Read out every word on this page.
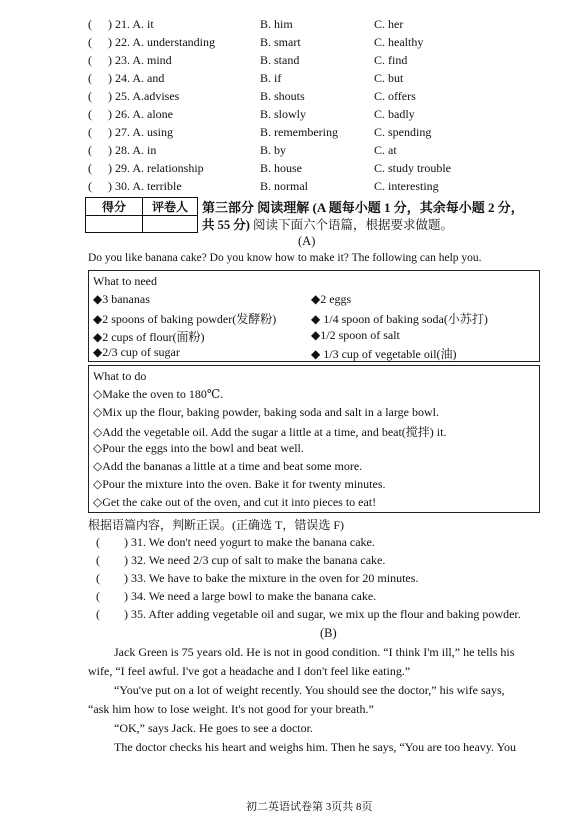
( ) 21. A. it	B. him	C. her
( ) 22. A. understanding	B. smart	C. healthy
( ) 23. A. mind	B. stand	C. find
( ) 24. A. and	B. if	C. but
( ) 25. A.advises	B. shouts	C. offers
( ) 26. A. alone	B. slowly	C. badly
( ) 27. A. using	B. remembering	C. spending
( ) 28. A. in	B. by	C. at
( ) 29. A. relationship	B. house	C. study trouble
( ) 30. A. terrible	B. normal	C. interesting
得分	评卷人
	第三部分 阅读理解 (A 题每小题 1 分，其余每小题 2 分，
共 55 分) 阅读下面六个语篇，根据要求做题。
(A)
Do you like banana cake? Do you know how to make it? The following can help you.
What to need
◆3 bananas	◆2 eggs
◆2 spoons of baking powder(发酵粉)	◆ 1/4 spoon of baking soda(小苏打)
◆2 cups of flour(面粉)	◆1/2 spoon of salt
◆2/3 cup of sugar	◆ 1/3 cup of vegetable oil(油)
What to do
◇Make the oven to 180℃.
◇Mix up the flour, baking powder, baking soda and salt in a large bowl.
◇Add the vegetable oil. Add the sugar a little at a time, and beat(搅拌) it.
◇Pour the eggs into the bowl and beat well.
◇Add the bananas a little at a time and beat some more.
◇Pour the mixture into the oven. Bake it for twenty minutes.
◇Get the cake out of the oven, and cut it into pieces to eat!
根据语篇内容，判断正误。(正确选 T，错误选 F)
( ) 31. We don't need yogurt to make the banana cake.
( ) 32. We need 2/3 cup of salt to make the banana cake.
( ) 33. We have to bake the mixture in the oven for 20 minutes.
( ) 34. We need a large bowl to make the banana cake.
( ) 35. After adding vegetable oil and sugar, we mix up the flour and baking powder.
(B)
Jack Green is 75 years old. He is not in good condition. “I think I'm ill,” he tells his
wife, “I feel awful. I've got a headache and I don't feel like eating.”
“You've put on a lot of weight recently. You should see the doctor,” his wife says,
“ask him how to lose weight. It's not good for your breath.”
“OK,” says Jack. He goes to see a doctor.
The doctor checks his heart and weighs him. Then he says, “You are too heavy. You
初二英语试卷第 3页共 8页
